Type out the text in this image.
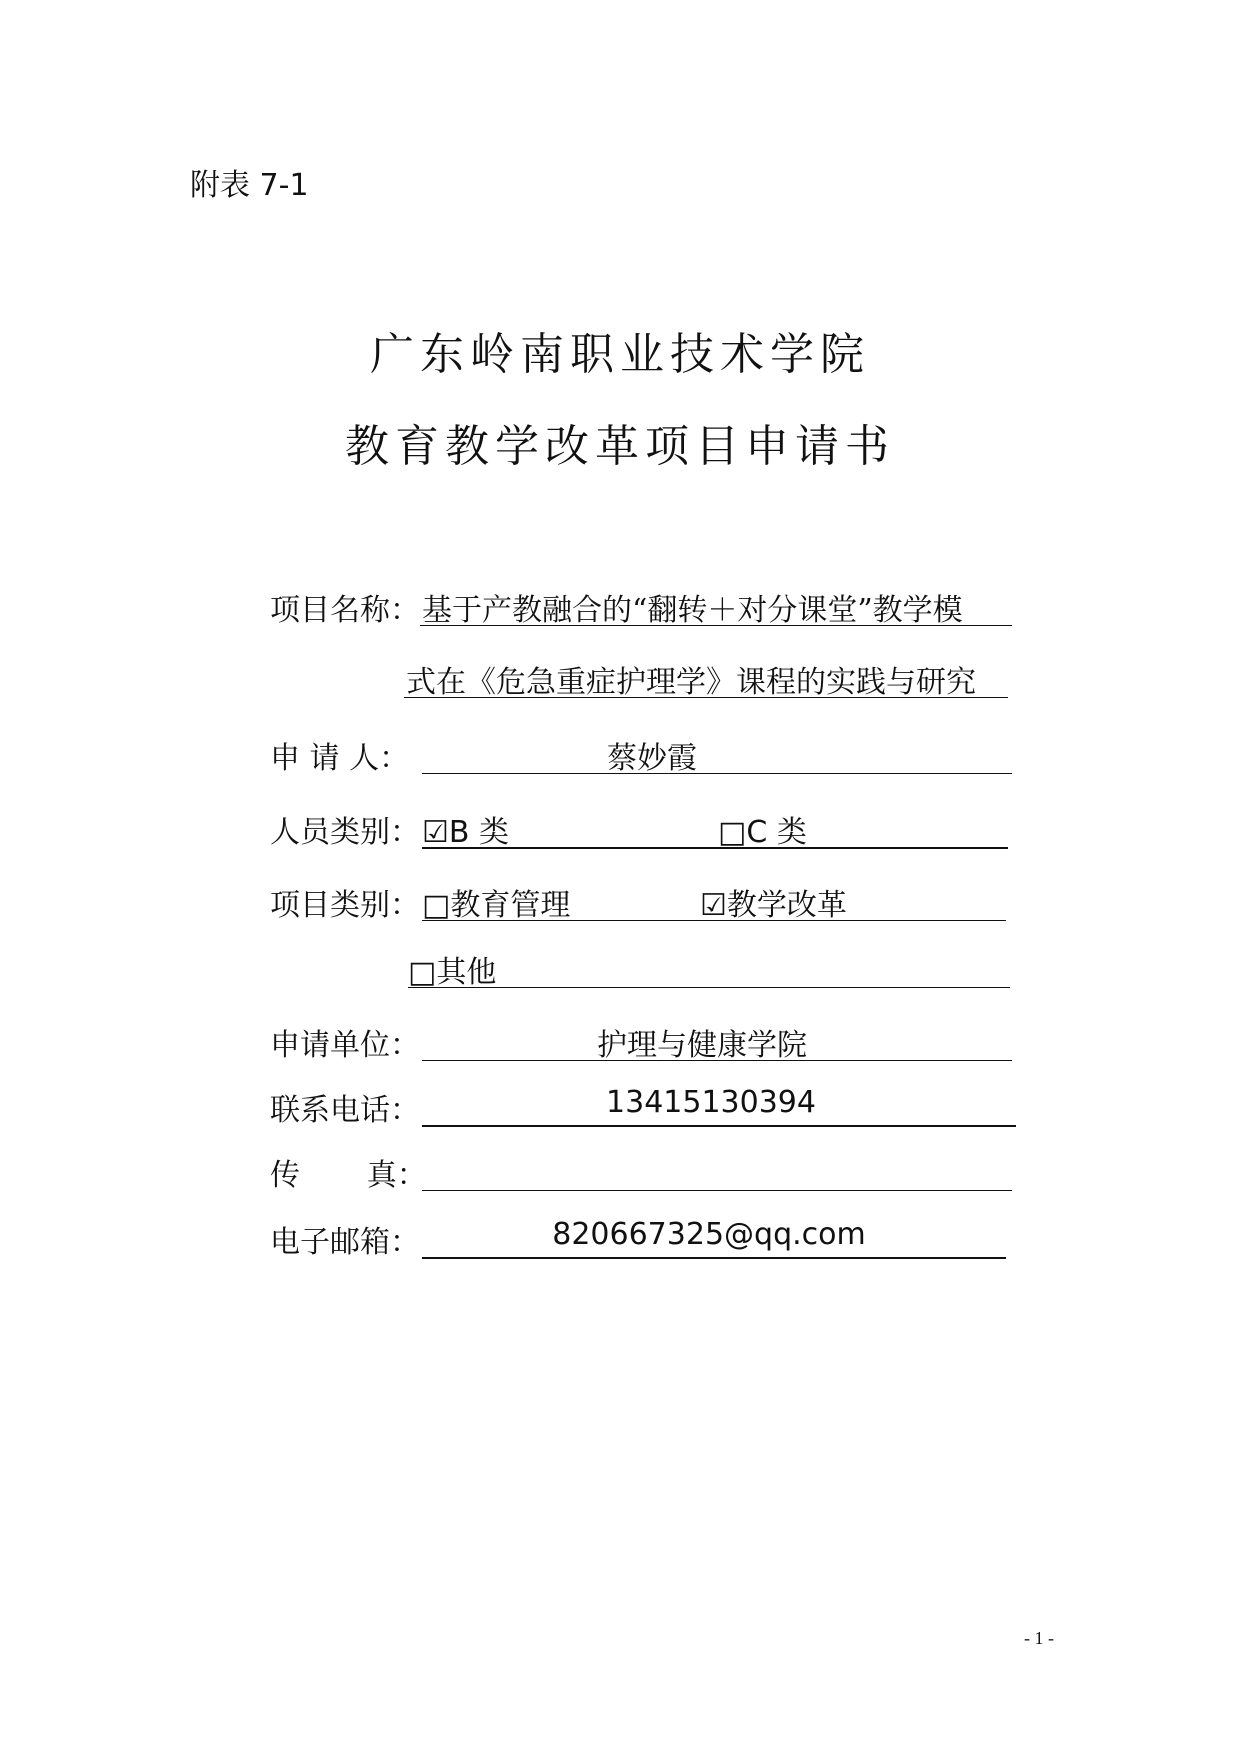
附表 7-1
广东岭南职业技术学院
教育教学改革项目申请书
项目名称： 基于产教融合的“翻转＋对分课堂”教学模
式在《危急重症护理学》课程的实践与研究
申 请 人：	蔡妙霞
人员类别： ☑B 类	□C 类
项目类别： □教育管理	☑教学改革
□其他
申请单位：	护理与健康学院
联系电话：	13415130394
传       真：
电子邮箱：	820667325@qq.com
- 1 -
